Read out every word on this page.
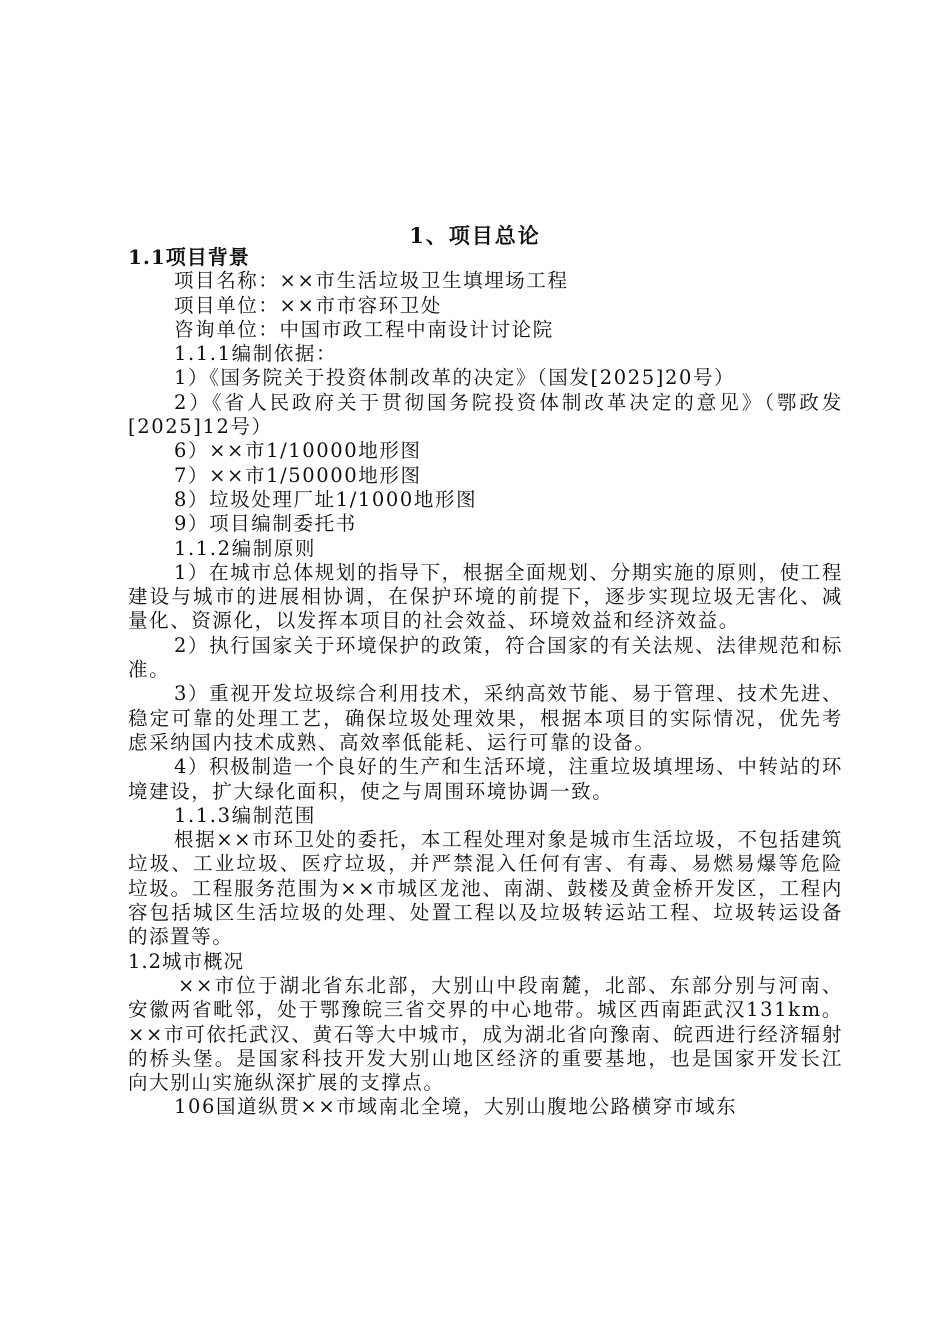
1、项目总论

1.1项目背景

项目名称：××市生活垃圾卫生填埋场工程

项目单位：××市市容环卫处

咨询单位：中国市政工程中南设计讨论院

1.1.1编制依据：

1）《国务院关于投资体制改革的决定》（国发[2025]20号）

2）《省人民政府关于贯彻国务院投资体制改革决定的意见》（鄂政发[2025]12号）

6）××市1/10000地形图

7）××市1/50000地形图

8）垃圾处理厂址1/1000地形图

9）项目编制委托书

1.1.2编制原则

1）在城市总体规划的指导下，根据全面规划、分期实施的原则，使工程建设与城市的进展相协调，在保护环境的前提下，逐步实现垃圾无害化、减量化、资源化，以发挥本项目的社会效益、环境效益和经济效益。

2）执行国家关于环境保护的政策，符合国家的有关法规、法律规范和标准。

3）重视开发垃圾综合利用技术，采纳高效节能、易于管理、技术先进、稳定可靠的处理工艺，确保垃圾处理效果，根据本项目的实际情况，优先考虑采纳国内技术成熟、高效率低能耗、运行可靠的设备。

4）积极制造一个良好的生产和生活环境，注重垃圾填埋场、中转站的环境建设，扩大绿化面积，使之与周围环境协调一致。

1.1.3编制范围

根据××市环卫处的委托，本工程处理对象是城市生活垃圾，不包括建筑垃圾、工业垃圾、医疗垃圾，并严禁混入任何有害、有毒、易燃易爆等危险垃圾。工程服务范围为××市城区龙池、南湖、鼓楼及黄金桥开发区，工程内容包括城区生活垃圾的处理、处置工程以及垃圾转运站工程、垃圾转运设备的添置等。

1.2城市概况

××市位于湖北省东北部，大别山中段南麓，北部、东部分别与河南、安徽两省毗邻，处于鄂豫皖三省交界的中心地带。城区西南距武汉131km。××市可依托武汉、黄石等大中城市，成为湖北省向豫南、皖西进行经济辐射的桥头堡。是国家科技开发大别山地区经济的重要基地，也是国家开发长江向大别山实施纵深扩展的支撑点。

106国道纵贯××市域南北全境，大别山腹地公路横穿市域东
